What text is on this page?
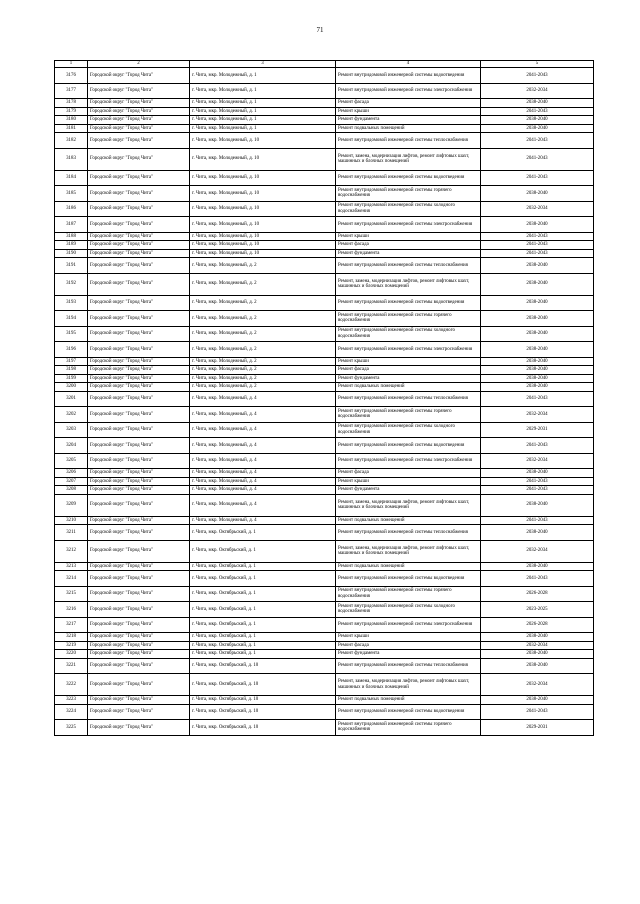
71
1	2	3	4	5
3176	Городской округ "Город Чита"	г. Чита, мкр. Молодежный, д. 1	Ремонт внутридомовой инженерной системы водоотведения	2041-2043
3177	Городской округ "Город Чита"	г. Чита, мкр. Молодежный, д. 1	Ремонт внутридомовой инженерной системы электроснабжения	2032-2034
3178	Городской округ "Город Чита"	г. Чита, мкр. Молодежный, д. 1	Ремонт фасада	2038-2040
3179	Городской округ "Город Чита"	г. Чита, мкр. Молодежный, д. 1	Ремонт крыши	2041-2043
3180	Городской округ "Город Чита"	г. Чита, мкр. Молодежный, д. 1	Ремонт фундамента	2038-2040
3181	Городской округ "Город Чита"	г. Чита, мкр. Молодежный, д. 1	Ремонт подвальных помещений	2038-2040
3182	Городской округ "Город Чита"	г. Чита, мкр. Молодежный, д. 10	Ремонт внутридомовой инженерной системы теплоснабжения	2041-2043
3183	Городской округ "Город Чита"	г. Чита, мкр. Молодежный, д. 10	Ремонт, замена, модернизация лифтов, ремонт лифтовых шахт, машинных и блочных помещений	2041-2043
3184	Городской округ "Город Чита"	г. Чита, мкр. Молодежный, д. 10	Ремонт внутридомовой инженерной системы водоотведения	2041-2043
3185	Городской округ "Город Чита"	г. Чита, мкр. Молодежный, д. 10	Ремонт внутридомовой инженерной системы горячего водоснабжения	2038-2040
3186	Городской округ "Город Чита"	г. Чита, мкр. Молодежный, д. 10	Ремонт внутридомовой инженерной системы холодного водоснабжения	2032-2034
3187	Городской округ "Город Чита"	г. Чита, мкр. Молодежный, д. 10	Ремонт внутридомовой инженерной системы электроснабжения	2038-2040
3188	Городской округ "Город Чита"	г. Чита, мкр. Молодежный, д. 10	Ремонт крыши	2041-2043
3189	Городской округ "Город Чита"	г. Чита, мкр. Молодежный, д. 10	Ремонт фасада	2041-2043
3190	Городской округ "Город Чита"	г. Чита, мкр. Молодежный, д. 10	Ремонт фундамента	2041-2043
3191	Городской округ "Город Чита"	г. Чита, мкр. Молодежный, д. 2	Ремонт внутридомовой инженерной системы теплоснабжения	2038-2040
3192	Городской округ "Город Чита"	г. Чита, мкр. Молодежный, д. 2	Ремонт, замена, модернизация лифтов, ремонт лифтовых шахт, машинных и блочных помещений	2038-2040
3193	Городской округ "Город Чита"	г. Чита, мкр. Молодежный, д. 2	Ремонт внутридомовой инженерной системы водоотведения	2038-2040
3194	Городской округ "Город Чита"	г. Чита, мкр. Молодежный, д. 2	Ремонт внутридомовой инженерной системы горячего водоснабжения	2038-2040
3195	Городской округ "Город Чита"	г. Чита, мкр. Молодежный, д. 2	Ремонт внутридомовой инженерной системы холодного водоснабжения	2038-2040
3196	Городской округ "Город Чита"	г. Чита, мкр. Молодежный, д. 2	Ремонт внутридомовой инженерной системы электроснабжения	2038-2040
3197	Городской округ "Город Чита"	г. Чита, мкр. Молодежный, д. 2	Ремонт крыши	2038-2040
3198	Городской округ "Город Чита"	г. Чита, мкр. Молодежный, д. 2	Ремонт фасада	2038-2040
3199	Городской округ "Город Чита"	г. Чита, мкр. Молодежный, д. 2	Ремонт фундамента	2038-2040
3200	Городской округ "Город Чита"	г. Чита, мкр. Молодежный, д. 2	Ремонт подвальных помещений	2038-2040
3201	Городской округ "Город Чита"	г. Чита, мкр. Молодежный, д. 4	Ремонт внутридомовой инженерной системы теплоснабжения	2041-2043
3202	Городской округ "Город Чита"	г. Чита, мкр. Молодежный, д. 4	Ремонт внутридомовой инженерной системы горячего водоснабжения	2032-2034
3203	Городской округ "Город Чита"	г. Чита, мкр. Молодежный, д. 4	Ремонт внутридомовой инженерной системы холодного водоснабжения	2029-2031
3204	Городской округ "Город Чита"	г. Чита, мкр. Молодежный, д. 4	Ремонт внутридомовой инженерной системы водоотведения	2041-2043
3205	Городской округ "Город Чита"	г. Чита, мкр. Молодежный, д. 4	Ремонт внутридомовой инженерной системы электроснабжения	2032-2034
3206	Городской округ "Город Чита"	г. Чита, мкр. Молодежный, д. 4	Ремонт фасада	2038-2040
3207	Городской округ "Город Чита"	г. Чита, мкр. Молодежный, д. 4	Ремонт крыши	2041-2043
3208	Городской округ "Город Чита"	г. Чита, мкр. Молодежный, д. 4	Ремонт фундамента	2041-2043
3209	Городской округ "Город Чита"	г. Чита, мкр. Молодежный, д. 4	Ремонт, замена, модернизация лифтов, ремонт лифтовых шахт, машинных и блочных помещений	2038-2040
3210	Городской округ "Город Чита"	г. Чита, мкр. Молодежный, д. 4	Ремонт подвальных помещений	2041-2043
3211	Городской округ "Город Чита"	г. Чита, мкр. Октябрьский, д. 1	Ремонт внутридомовой инженерной системы теплоснабжения	2038-2040
3212	Городской округ "Город Чита"	г. Чита, мкр. Октябрьский, д. 1	Ремонт, замена, модернизация лифтов, ремонт лифтовых шахт, машинных и блочных помещений	2032-2034
3213	Городской округ "Город Чита"	г. Чита, мкр. Октябрьский, д. 1	Ремонт подвальных помещений	2038-2040
3214	Городской округ "Город Чита"	г. Чита, мкр. Октябрьский, д. 1	Ремонт внутридомовой инженерной системы водоотведения	2041-2043
3215	Городской округ "Город Чита"	г. Чита, мкр. Октябрьский, д. 1	Ремонт внутридомовой инженерной системы горячего водоснабжения	2026-2028
3216	Городской округ "Город Чита"	г. Чита, мкр. Октябрьский, д. 1	Ремонт внутридомовой инженерной системы холодного водоснабжения	2023-2025
3217	Городской округ "Город Чита"	г. Чита, мкр. Октябрьский, д. 1	Ремонт внутридомовой инженерной системы электроснабжения	2026-2028
3218	Городской округ "Город Чита"	г. Чита, мкр. Октябрьский, д. 1	Ремонт крыши	2038-2040
3219	Городской округ "Город Чита"	г. Чита, мкр. Октябрьский, д. 1	Ремонт фасада	2032-2034
3220	Городской округ "Город Чита"	г. Чита, мкр. Октябрьский, д. 1	Ремонт фундамента	2038-2040
3221	Городской округ "Город Чита"	г. Чита, мкр. Октябрьский, д. 10	Ремонт внутридомовой инженерной системы теплоснабжения	2038-2040
3222	Городской округ "Город Чита"	г. Чита, мкр. Октябрьский, д. 10	Ремонт, замена, модернизация лифтов, ремонт лифтовых шахт, машинных и блочных помещений	2032-2034
3223	Городской округ "Город Чита"	г. Чита, мкр. Октябрьский, д. 10	Ремонт подвальных помещений	2038-2040
3224	Городской округ "Город Чита"	г. Чита, мкр. Октябрьский, д. 10	Ремонт внутридомовой инженерной системы водоотведения	2041-2043
3225	Городской округ "Город Чита"	г. Чита, мкр. Октябрьский, д. 10	Ремонт внутридомовой инженерной системы горячего водоснабжения	2029-2031
